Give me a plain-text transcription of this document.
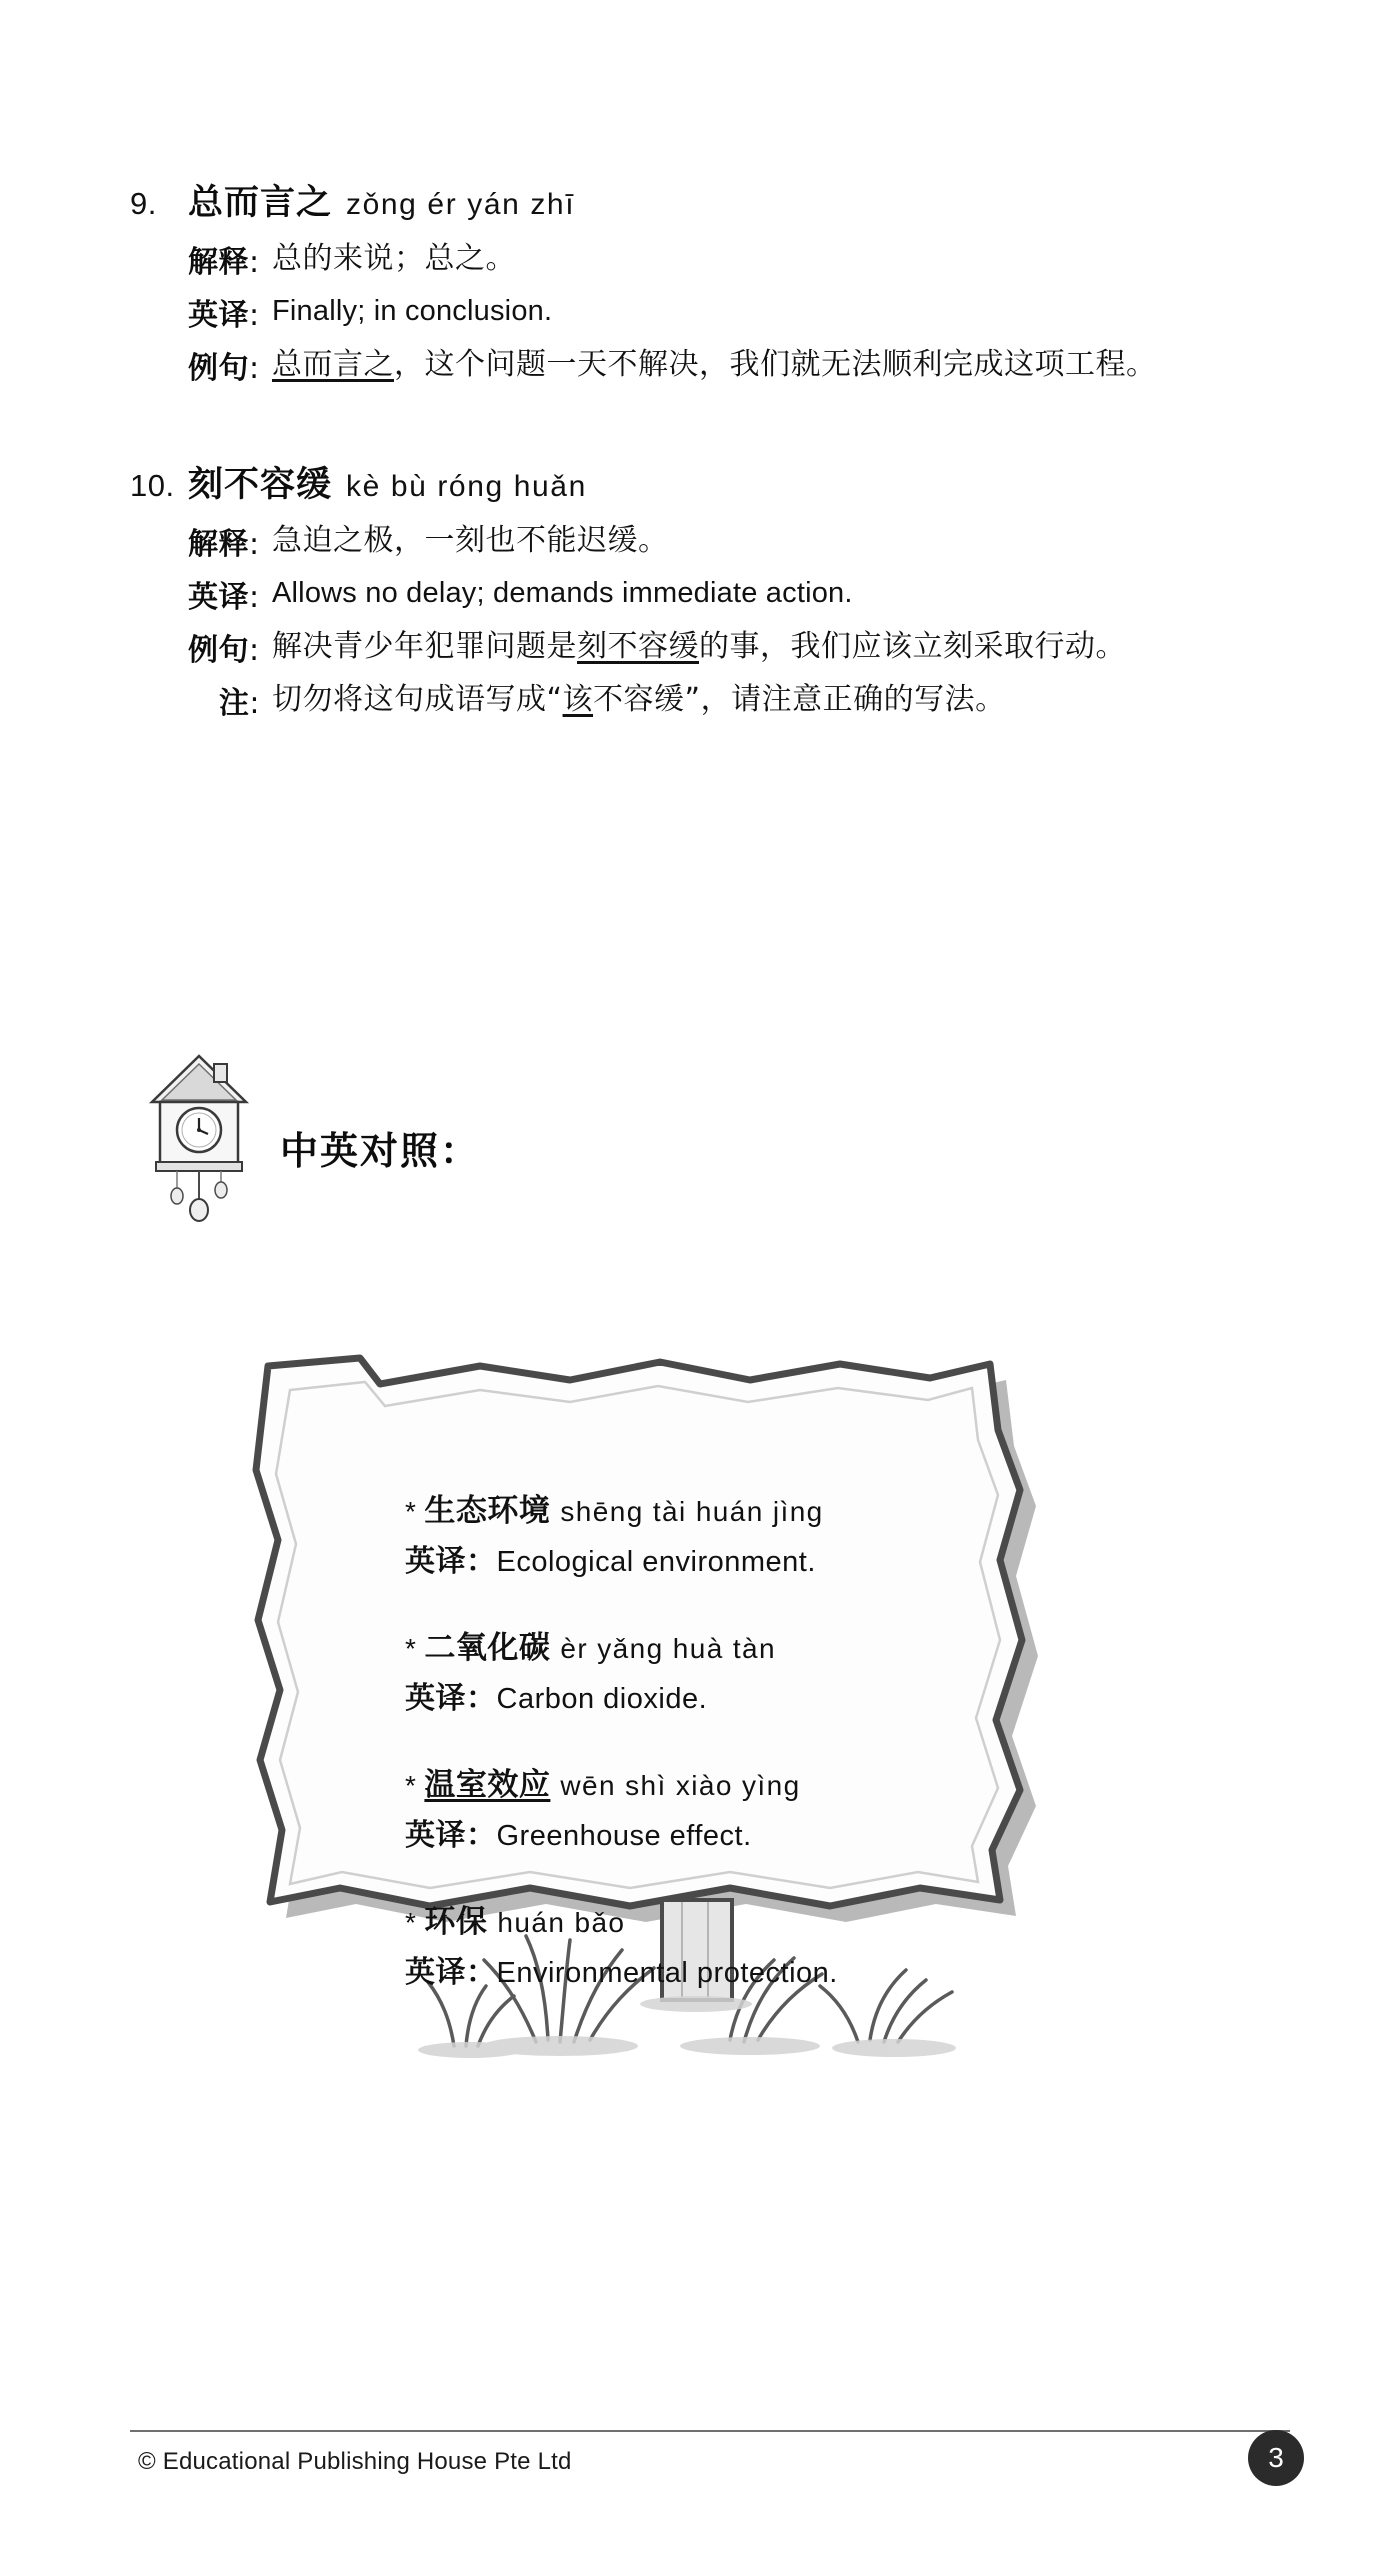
9. 总而言之 zǒng ér yán zhī
解释: 总的来说；总之。
英译: Finally; in conclusion.
例句: 总而言之，这个问题一天不解决，我们就无法顺利完成这项工程。
10. 刻不容缓 kè bù róng huǎn
解释: 急迫之极，一刻也不能迟缓。
英译: Allows no delay; demands immediate action.
例句: 解决青少年犯罪问题是刻不容缓的事，我们应该立刻采取行动。
注: 切勿将这句成语写成“该不容缓”，请注意正确的写法。
中英对照：
* 生态环境 shēng tài huán jìng
英译：Ecological environment.
* 二氧化碳 èr yǎng huà tàn
英译：Carbon dioxide.
* 温室效应 wēn shì xiào yìng
英译：Greenhouse effect.
* 环保 huán bǎo
英译：Environmental protection.
© Educational Publishing House Pte Ltd	3
